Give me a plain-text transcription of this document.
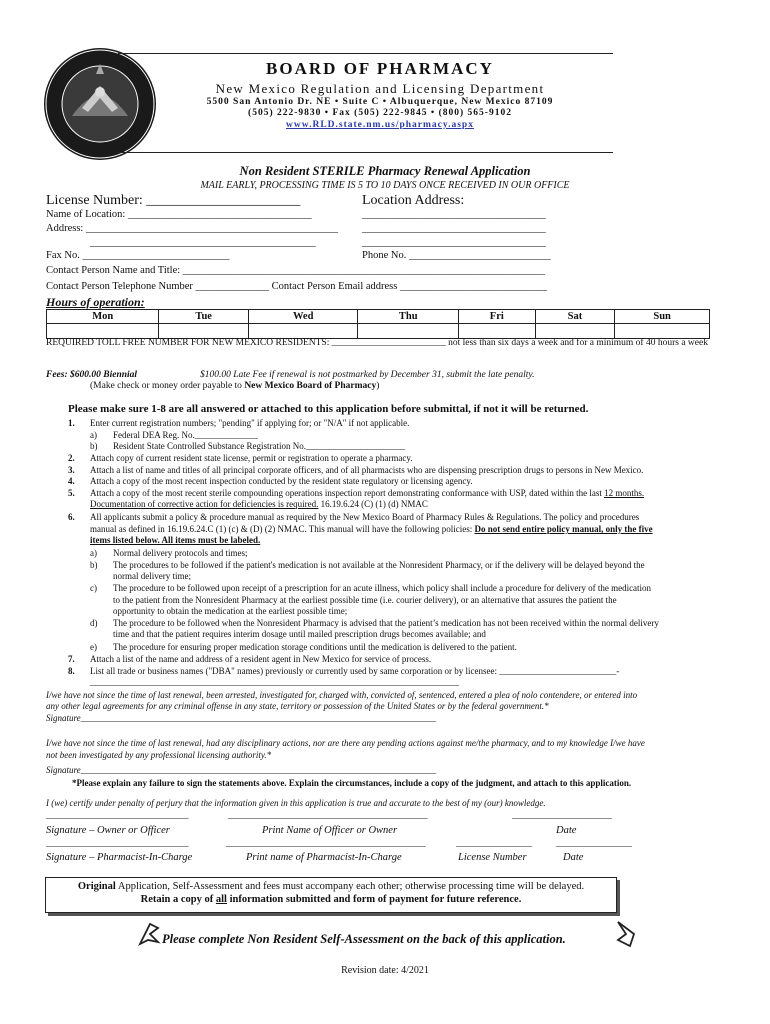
BOARD OF PHARMACY
New Mexico Regulation and Licensing Department
5500 San Antonio Dr. NE • Suite C • Albuquerque, New Mexico 87109
(505) 222-9830 • Fax (505) 222-9845 • (800) 565-9102
www.RLD.state.nm.us/pharmacy.aspx
Non Resident STERILE Pharmacy Renewal Application
MAIL EARLY, PROCESSING TIME IS 5 TO 10 DAYS ONCE RECEIVED IN OUR OFFICE
License Number: ______________________	Location Address:
Name of Location: ___________________________________	___________________________________
Address: ________________________________________________ ___________________________________
___________________________________________	___________________________________
Fax No. ____________________________	Phone No. ___________________________
Contact Person Name and Title: _____________________________________________________________________
Contact Person Telephone Number ______________ Contact Person Email address ____________________________
Hours of operation:
Mon	Tue	Wed	Thu	Fri	Sat	Sun

REQUIRED TOLL FREE NUMBER FOR NEW MEXICO RESIDENTS: ________________________ not less than six days a week and for a minimum of 40 hours a week
Fees: $600.00 Biennial	$100.00 Late Fee if renewal is not postmarked by December 31, submit the late penalty.
(Make check or money order payable to New Mexico Board of Pharmacy)
Please make sure 1-8 are all answered or attached to this application before submittal, if not it will be returned.
1. Enter current registration numbers; "pending" if applying for; or "N/A" if not applicable.
a) Federal DEA Reg. No.______________
b) Resident State Controlled Substance Registration No.______________________
2. Attach copy of current resident state license, permit or registration to operate a pharmacy.
3. Attach a list of name and titles of all principal corporate officers, and of all pharmacists who are dispensing prescription drugs to persons in New Mexico.
4. Attach a copy of the most recent inspection conducted by the resident state regulatory or licensing agency.
5. Attach a copy of the most recent sterile compounding operations inspection report demonstrating conformance with USP, dated within the last 12 months.
Documentation of corrective action for deficiencies is required. 16.19.6.24 (C) (1) (d) NMAC
6. All applicants submit a policy & procedure manual as required by the New Mexico Board of Pharmacy Rules & Regulations. The policy and procedures
manual as defined in 16.19.6.24.C (1) (c) & (D) (2) NMAC. This manual will have the following policies: Do not send entire policy manual, only the five
items listed below. All items must be labeled.
a) Normal delivery protocols and times;
b) The procedures to be followed if the patient's medication is not available at the Nonresident Pharmacy, or if the delivery will be delayed beyond the
normal delivery time;
c) The procedure to be followed upon receipt of a prescription for an acute illness, which policy shall include a procedure for delivery of the medication
to the patient from the Nonresident Pharmacy at the earliest possible time (i.e. courier delivery), or an alternative that assures the patient the
opportunity to obtain the medication at the earliest possible time;
d) The procedure to be followed when the Nonresident Pharmacy is advised that the patient’s medication has not been received within the normal delivery
time and that the patient requires interim dosage until mailed prescription drugs becomes available; and
e) The procedure for ensuring proper medication storage conditions until the medication is delivered to the patient.
7. Attach a list of the name and address of a resident agent in New Mexico for service of process.
8. List all trade or business names ("DBA" names) previously or currently used by same corporation or by licensee: __________________________-
__________________________________________________________________________________
I/we have not since the time of last renewal, been arrested, investigated for, charged with, convicted of, sentenced, entered a plea of nolo contendere, or entered into
any other legal agreements for any criminal offense in any state, territory or possession of the United States or by the federal government.*
Signature_______________________________________________________________________________
I/we have not since the time of last renewal, had any disciplinary actions, nor are there any pending actions against me/the pharmacy, and to my knowledge I/we have
not been investigated by any professional licensing authority.*
Signature_______________________________________________________________________________
*Please explain any failure to sign the statements above. Explain the circumstances, include a copy of the judgment, and attach to this application.
I (we) certify under penalty of perjury that the information given in this application is true and accurate to the best of my (our) knowledge.
______________________________	__________________________________________	_____________________
Signature – Owner or Officer	Print Name of Officer or Owner	Date
______________________________	__________________________________________	________________	________________
Signature – Pharmacist-In-Charge	Print name of Pharmacist-In-Charge	License Number	Date
Original Application, Self-Assessment and fees must accompany each other; otherwise processing time will be delayed.
Retain a copy of all information submitted and form of payment for future reference.
Please complete Non Resident Self-Assessment on the back of this application.
Revision date: 4/2021
